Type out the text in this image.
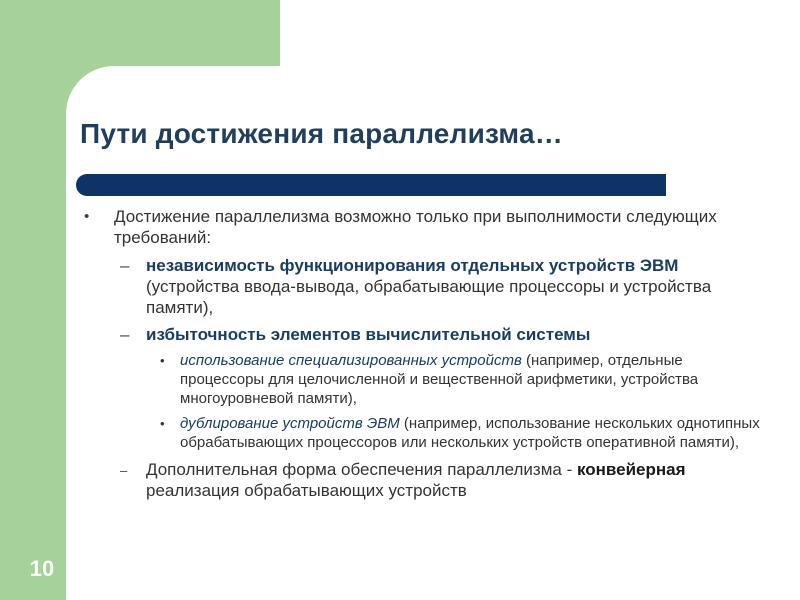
10
Пути достижения параллелизма…
• Достижение параллелизма возможно только при выполнимости следующих требований:
– независимость функционирования отдельных устройств ЭВМ (устройства ввода-вывода, обрабатывающие процессоры и устройства памяти),
– избыточность элементов вычислительной системы
• использование специализированных устройств (например, отдельные процессоры для целочисленной и вещественной арифметики, устройства многоуровневой памяти),
• дублирование устройств ЭВМ (например, использование нескольких однотипных обрабатывающих процессоров или нескольких устройств оперативной памяти),
– Дополнительная форма обеспечения параллелизма - конвейерная реализация обрабатывающих устройств
